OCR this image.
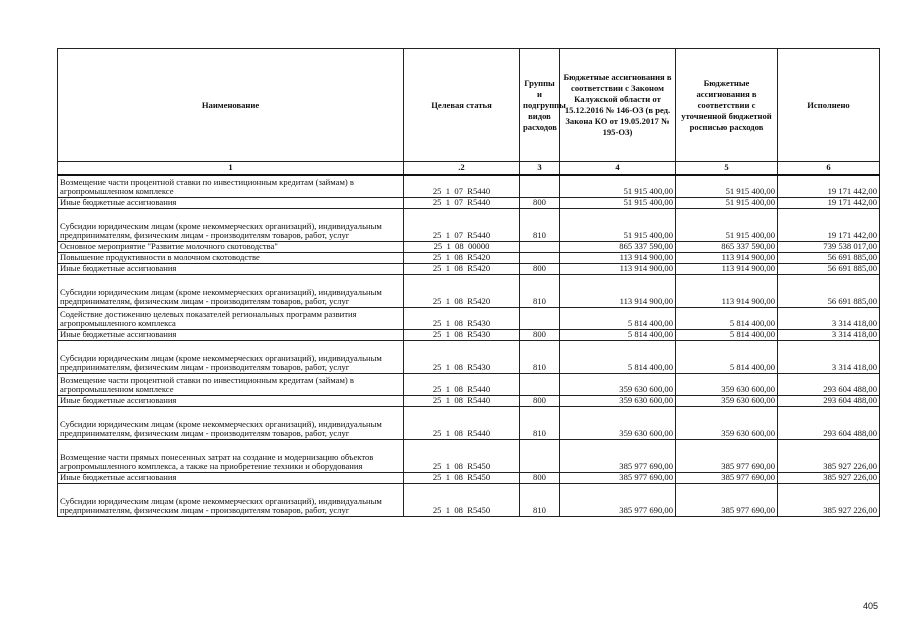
Наименование	Целевая статья	Группы и подгруппы видов расходов	Бюджетные ассигнования в соответствии с Законом Калужской области от 15.12.2016 № 146-ОЗ (в ред. Закона КО от 19.05.2017 № 195-ОЗ)	Бюджетные ассигнования в соответствии с уточненной бюджетной росписью расходов	Исполнено
1	.2	3	4	5	6
Возмещение части процентной ставки по инвестиционным кредитам (займам) в агропромышленном комплексе	25  1  07  R5440		51 915 400,00	51 915 400,00	19 171 442,00
Иные бюджетные ассигнования	25  1  07  R5440	800	51 915 400,00	51 915 400,00	19 171 442,00
Субсидии юридическим лицам (кроме некоммерческих организаций), индивидуальным предпринимателям, физическим лицам - производителям товаров, работ, услуг	25  1  07  R5440	810	51 915 400,00	51 915 400,00	19 171 442,00
Основное мероприятие "Развитие молочного скотоводства"	25  1  08  00000		865 337 590,00	865 337 590,00	739 538 017,00
Повышение продуктивности в молочном скотоводстве	25  1  08  R5420		113 914 900,00	113 914 900,00	56 691 885,00
Иные бюджетные ассигнования	25  1  08  R5420	800	113 914 900,00	113 914 900,00	56 691 885,00
Субсидии юридическим лицам (кроме некоммерческих организаций), индивидуальным предпринимателям, физическим лицам - производителям товаров, работ, услуг	25  1  08  R5420	810	113 914 900,00	113 914 900,00	56 691 885,00
Содействие достижению целевых показателей региональных программ развития агропромышленного комплекса	25  1  08  R5430		5 814 400,00	5 814 400,00	3 314 418,00
Иные бюджетные ассигнования	25  1  08  R5430	800	5 814 400,00	5 814 400,00	3 314 418,00
Субсидии юридическим лицам (кроме некоммерческих организаций), индивидуальным предпринимателям, физическим лицам - производителям товаров, работ, услуг	25  1  08  R5430	810	5 814 400,00	5 814 400,00	3 314 418,00
Возмещение части процентной ставки по инвестиционным кредитам (займам) в агропромышленном комплексе	25  1  08  R5440		359 630 600,00	359 630 600,00	293 604 488,00
Иные бюджетные ассигнования	25  1  08  R5440	800	359 630 600,00	359 630 600,00	293 604 488,00
Субсидии юридическим лицам (кроме некоммерческих организаций), индивидуальным предпринимателям, физическим лицам - производителям товаров, работ, услуг	25  1  08  R5440	810	359 630 600,00	359 630 600,00	293 604 488,00
Возмещение части прямых понесенных затрат на создание и модернизацию объектов агропромышленного комплекса, а также на приобретение техники и оборудования	25  1  08  R5450		385 977 690,00	385 977 690,00	385 927 226,00
Иные бюджетные ассигнования	25  1  08  R5450	800	385 977 690,00	385 977 690,00	385 927 226,00
Субсидии юридическим лицам (кроме некоммерческих организаций), индивидуальным предпринимателям, физическим лицам - производителям товаров, работ, услуг	25  1  08  R5450	810	385 977 690,00	385 977 690,00	385 927 226,00
405
